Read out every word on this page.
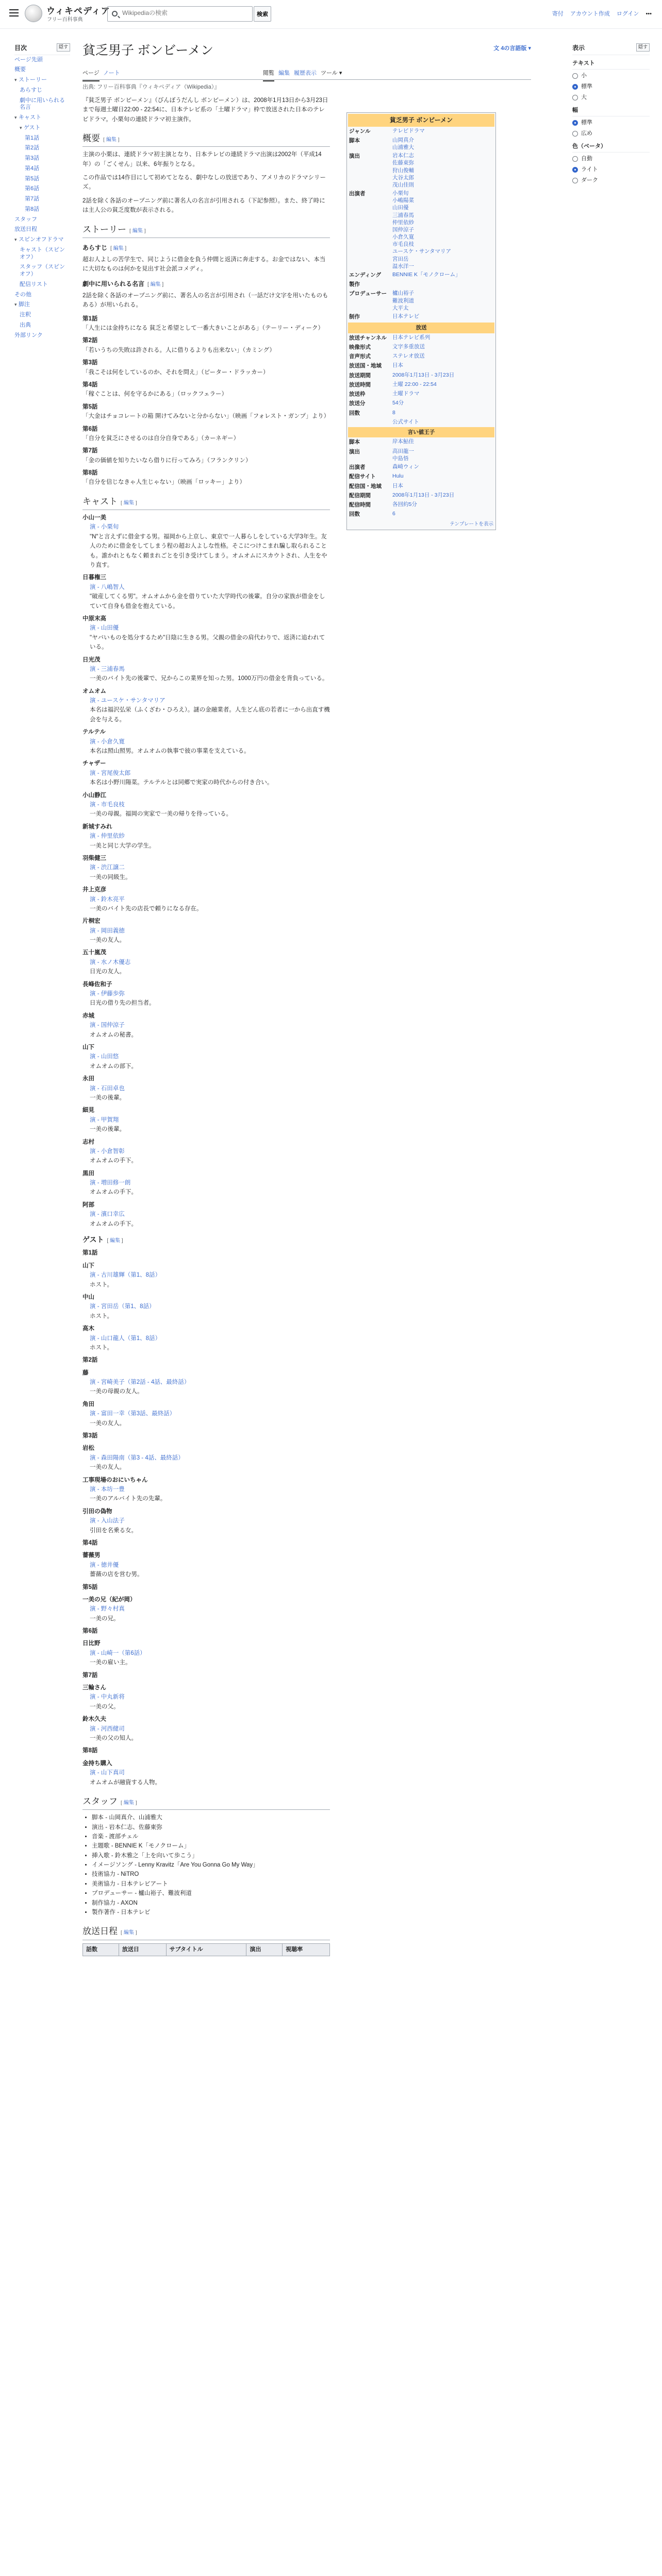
ウィキペディア
フリー百科事典
Wikipediaの検索
検索	寄付 アカウント作成 ログイン •••
目次	隠す
ページ先頭
概要
▾ ストーリー
あらすじ
劇中に用いられる名言
▾ キャスト
▾ ゲスト
第1話
第2話
第3話
第4話
第5話
第6話
第7話
第8話
スタッフ
放送日程
▾ スピンオフドラマ
キャスト（スピンオフ）
スタッフ（スピンオフ）
配信リスト
その他
▾ 脚注
注釈
出典
外部リンク
貧乏男子 ボンビーメン	文 4の言語版 ▾
ページ ノート	閲覧 編集 履歴表示 ツール ▾
出典: フリー百科事典『ウィキペディア（Wikipedia）』

『貧乏男子 ボンビーメン』（びんぼうだんし ボンビーメン）は、2008年1月13日から3月23日まで毎週土曜日22:00 - 22:54に、日本テレビ系の「土曜ドラマ」枠で放送された日本のテレビドラマ。小栗旬の連続ドラマ初主演作。

概要 [ 編集 ]

主演の小栗は、連続ドラマ初主演となり、日本テレビの連続ドラマ出演は2002年（平成14年）の「ごくせん」以来、6年振りとなる。

この作品では14作目にして初めてとなる、劇中なしの放送であり、アメリカのドラマシリーズ。

2話を除く各話のオープニング前に著名人の名言が引用される（下記参照）。また、終了時には主人公の貧乏度数が表示される。

ストーリー [ 編集 ]
あらすじ [ 編集 ]

超お人よしの苦学生で、同じように借金を負う仲間と返済に奔走する。お金ではない、本当に大切なものは何かを見出す社会派コメディ。

劇中に用いられる名言 [ 編集 ]

2話を除く各話のオープニング前に、著名人の名言が引用され（一話だけ文字を用いたものもある）が用いられる。

第1話
「人生には金持ちになる 貧乏と希望として一番大きいことがある」（テーリー・ディーク）
第2話
「若いうちの失敗は許される。人に借りるよりも出来ない」（カミング）
第3話
「我こそは何をしているのか、それを問え」（ピーター・ドラッカー）
第4話
「稼ぐことは、何を守るかにある」（ロックフェラー）
第5話
「大金はチョコレートの箱 開けてみないと分からない」（映画「フォレスト・ガンプ」より）
第6話
「自分を貧乏にさせるのは自分自身である」（カーネギー）
第7話
「金の価値を知りたいなら借りに行ってみろ」（フランクリン）
第8話
「自分を信じなきゃ人生じゃない」（映画「ロッキー」より）
キャスト [ 編集 ]
小山一美
演 - 小栗旬
"N"と言えずに借金する男。福岡から上京し、東京で一人暮らしをしている大学3年生。友人のために借金をしてしまう程の超お人よしな性格。そこにつけこまれ騙し取られることも。誰かれともなく頼まれごとを引き受けてしまう。オムオムにスカウトされ、人生をやり直す。
日暮権三
演 - 八嶋智人
"破産してくる男"。オムオムから金を借りていた大学時代の後輩。自分の家族が借金をしていて自身も借金を抱えている。
中原末高
演 - 山田優
"ヤバいものを処分するため"日陰に生きる男。父親の借金の肩代わりで、返済に追われている。
日光茂
演 - 三浦春馬
一美のバイト先の後輩で、兄からこの業界を知った男。1000万円の借金を背負っている。
オムオム
演 - ユースケ・サンタマリア
本名は福沢弘栄（ふくざわ・ひろえ）。謎の金融業者。人生どん底の若者に一から出直す機会を与える。
テルテル
演 - 小倉久寛
本名は照山照男。オムオムの執事で彼の事業を支えている。
チャザー
演 - 宮尾俊太郎
本名は小野川陽菜。テルテルとは同郷で実家の時代からの付き合い。
小山静江
演 - 市毛良枝
一美の母親。福岡の実家で一美の帰りを待っている。
新城すみれ
演 - 仲里依紗
一美と同じ大学の学生。
羽柴健三
演 - 渋江譲二
一美の同級生。
井上克彦
演 - 鈴木亮平
一美のバイト先の店長で頼りになる存在。
片桐宏
演 - 岡田義徳
一美の友人。
五十嵐茂
演 - 水ノ木優志
日光の友人。
長峰佐和子
演 - 伊藤歩弥
日光の借り先の担当者。
赤城
演 - 国仲涼子
オムオムの秘書。
山下
演 - 山田悠
オムオムの部下。
永田
演 - 石田卓也
一美の後輩。
細見
演 - 甲賀翔
一美の後輩。
志村
演 - 小倉智彰
オムオムの手下。
黒田
演 - 増田修一朗
オムオムの手下。
阿部
演 - 濱口幸広
オムオムの手下。
ゲスト [ 編集 ]
第1話
山下
演 - 古川雄輝（第1、8話）
ホスト。
中山
演 - 宮田岳（第1、8話）
ホスト。
高木
演 - 山口龍人（第1、8話）
ホスト。
第2話
藤
演 - 宮崎美子（第2話 - 4話、最終話）
一美の母親の友人。
角田
演 - 富田一幸（第3話、最終話）
一美の友人。
第3話
岩松
演 - 森田陽南（第3 - 4話、最終話）
一美の友人。
工事現場のおにいちゃん
演 - 本坊一豊
一美のアルバイト先の先輩。
引田の偽物
演 - 入山法子
引田を名乗る女。
第4話
薔薇男
演 - 徳井優
薔薇の店を営む男。
第5話
一美の兄（紀が岡）
演 - 野々村真
一美の兄。
第6話
日比野
演 - 山崎一（第6話）
一美の雇い主。
第7話
三輪さん
演 - 中丸新将
一美の父。
鈴木久夫
演 - 河西健司
一美の父の知人。
第8話
金持ち購入
演 - 山下真司
オムオムが融資する人物。
スタッフ [ 編集 ]
• 脚本 - 山岡真介、山浦雅大
• 演出 - 岩本仁志、佐藤東弥
• 音楽 - 渡部チェル
• 主題歌 - BENNIE K「モノクローム」
• 挿入歌 - 鈴木雅之「上を向いて歩こう」
• イメージソング - Lenny Kravitz「Are You Gonna Go My Way」
• 技術協力 - NiTRO
• 美術協力 - 日本テレビアート
• プロデューサー - 櫨山裕子、難波利道
• 制作協力 - AXON
• 製作著作 - 日本テレビ
放送日程 [ 編集 ]
話数	放送日	サブタイトル	演出	視聴率
貧乏男子 ボンビーメン
ジャンル	テレビドラマ
脚本	山岡真介
山浦雅大
演出	岩本仁志
佐藤東弥
狩山俊輔
大谷太郎
茂山佳則
出演者	小栗旬
小嶋陽菜
山田優
三浦春馬
仲里依紗
国仲涼子
小倉久寛
市毛良枝
ユースケ・サンタマリア
宮田岳
温水洋一
エンディング	BENNIE K「モノクローム」
製作
プロデューサー	櫨山裕子
難波利道
大平太
制作	日本テレビ
放送
放送チャンネル	日本テレビ系列
映像形式	文字多重放送
音声形式	ステレオ放送
放送国・地域	日本
放送期間	2008年1月13日 - 3月23日
放送時間	土曜 22:00 - 22:54
放送枠	土曜ドラマ
放送分	54分
回数	8
公式サイト
言い値王子
脚本	岸本鮎佳
演出	高田龍一
中島悟
出演者	森崎ウィン
配信サイト	Hulu
配信国・地域	日本
配信期間	2008年1月13日 - 3月23日
配信時間	各回約5分
回数	6
テンプレートを表示
表示	隠す
テキスト
小
標準
大
幅
標準
広め
色（ベータ）
自動
ライト
ダーク
